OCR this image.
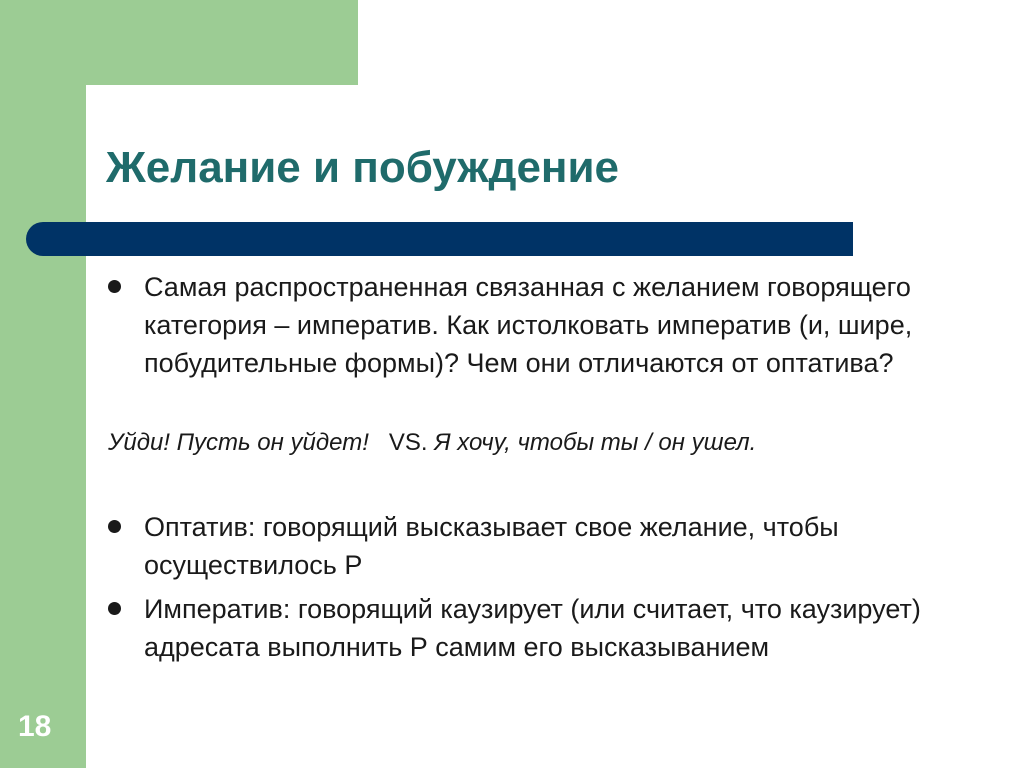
Желание и побуждение
Самая распространенная связанная с желанием говорящего категория – императив. Как истолковать императив (и, шире, побудительные формы)? Чем они отличаются от оптатива?
Уйди! Пусть он уйдет! VS. Я хочу, чтобы ты / он ушел.
Оптатив: говорящий высказывает свое желание, чтобы осуществилось Р
Императив: говорящий каузирует (или считает, что каузирует) адресата выполнить Р самим его высказыванием
18
